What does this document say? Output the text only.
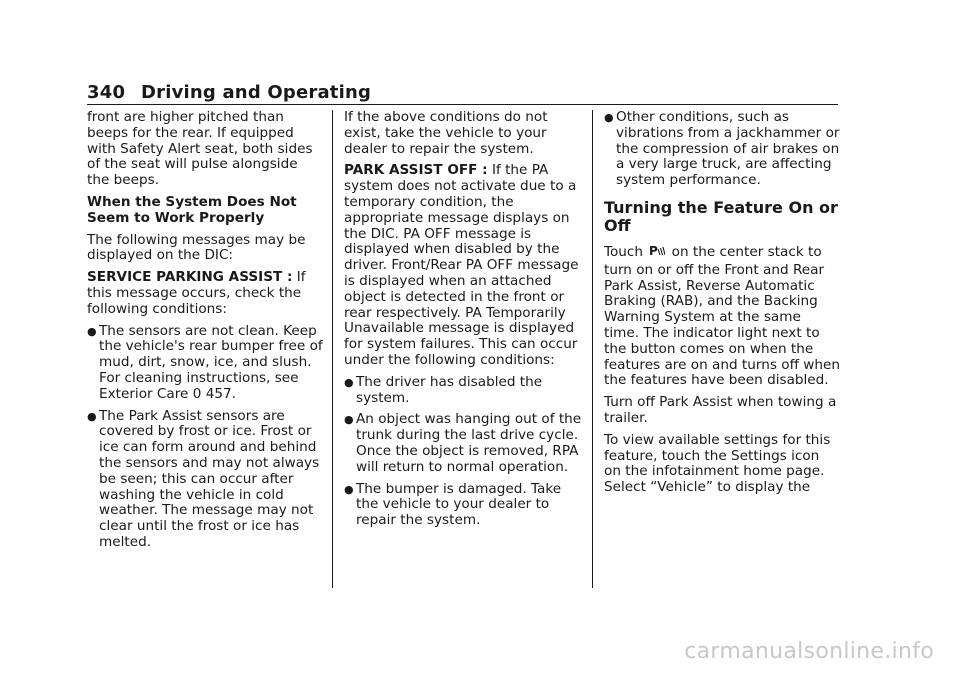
340 Driving and Operating

front are higher pitched than beeps for the rear. If equipped with Safety Alert seat, both sides of the seat will pulse alongside the beeps.

When the System Does Not Seem to Work Properly

The following messages may be displayed on the DIC:

SERVICE PARKING ASSIST : If this message occurs, check the following conditions:

● The sensors are not clean. Keep the vehicle's rear bumper free of mud, dirt, snow, ice, and slush. For cleaning instructions, see Exterior Care 0 457.
● The Park Assist sensors are covered by frost or ice. Frost or ice can form around and behind the sensors and may not always be seen; this can occur after washing the vehicle in cold weather. The message may not clear until the frost or ice has melted.

If the above conditions do not exist, take the vehicle to your dealer to repair the system.

PARK ASSIST OFF : If the PA system does not activate due to a temporary condition, the appropriate message displays on the DIC. PA OFF message is displayed when disabled by the driver. Front/Rear PA OFF message is displayed when an attached object is detected in the front or rear respectively. PA Temporarily Unavailable message is displayed for system failures. This can occur under the following conditions:

● The driver has disabled the system.
● An object was hanging out of the trunk during the last drive cycle. Once the object is removed, RPA will return to normal operation.
● The bumper is damaged. Take the vehicle to your dealer to repair the system.
● Other conditions, such as vibrations from a jackhammer or the compression of air brakes on a very large truck, are affecting system performance.
Turning the Feature On or Off

Touch P on the center stack to turn on or off the Front and Rear Park Assist, Reverse Automatic Braking (RAB), and the Backing Warning System at the same time. The indicator light next to the button comes on when the features are on and turns off when the features have been disabled.

Turn off Park Assist when towing a trailer.

To view available settings for this feature, touch the Settings icon on the infotainment home page. Select “Vehicle” to display the

carmanualsonline.info
